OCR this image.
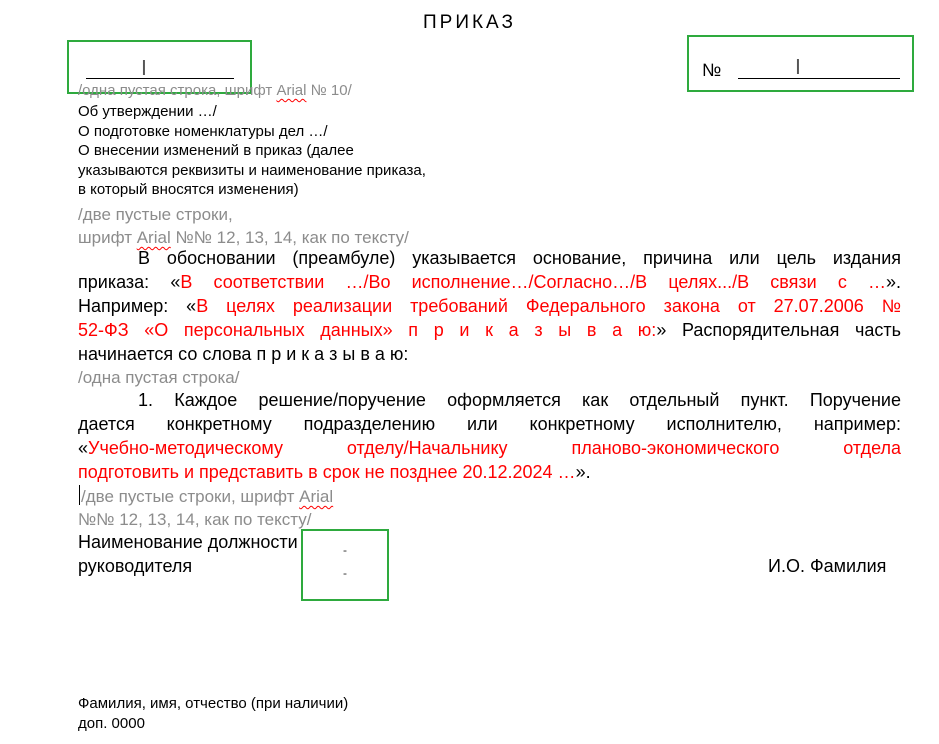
ПРИКАЗ
I	№	I
/одна пустая строка, шрифт Arial № 10/
Об утверждении …/
О подготовке номенклатуры дел …/
О внесении изменений в приказ (далее
указываются реквизиты и наименование приказа,
в который вносятся изменения)
/две пустые строки,
шрифт Arial №№ 12, 13, 14, как по тексту/
В обосновании (преамбуле) указывается основание, причина или цель издания
приказа: «В соответствии …/Во исполнение…/Согласно…/В целях.../В связи с …».
Например: «В целях реализации требований Федерального закона от 27.07.2006 №
52-ФЗ «О персональных данных» п р и к а з ы в а ю:» Распорядительная часть
начинается со слова п р и к а з ы в а ю:
/одна пустая строка/
1. Каждое решение/поручение оформляется как отдельный пункт. Поручение
дается конкретному подразделению или конкретному исполнителю, например:
«Учебно-методическому отделу/Начальнику планово-экономического отдела
подготовить и представить в срок не позднее 20.12.2024 …».
/две пустые строки, шрифт Arial
№№ 12, 13, 14, как по тексту/
Наименование должности
руководителя	И.О. Фамилия
-
-
Фамилия, имя, отчество (при наличии)
доп. 0000
